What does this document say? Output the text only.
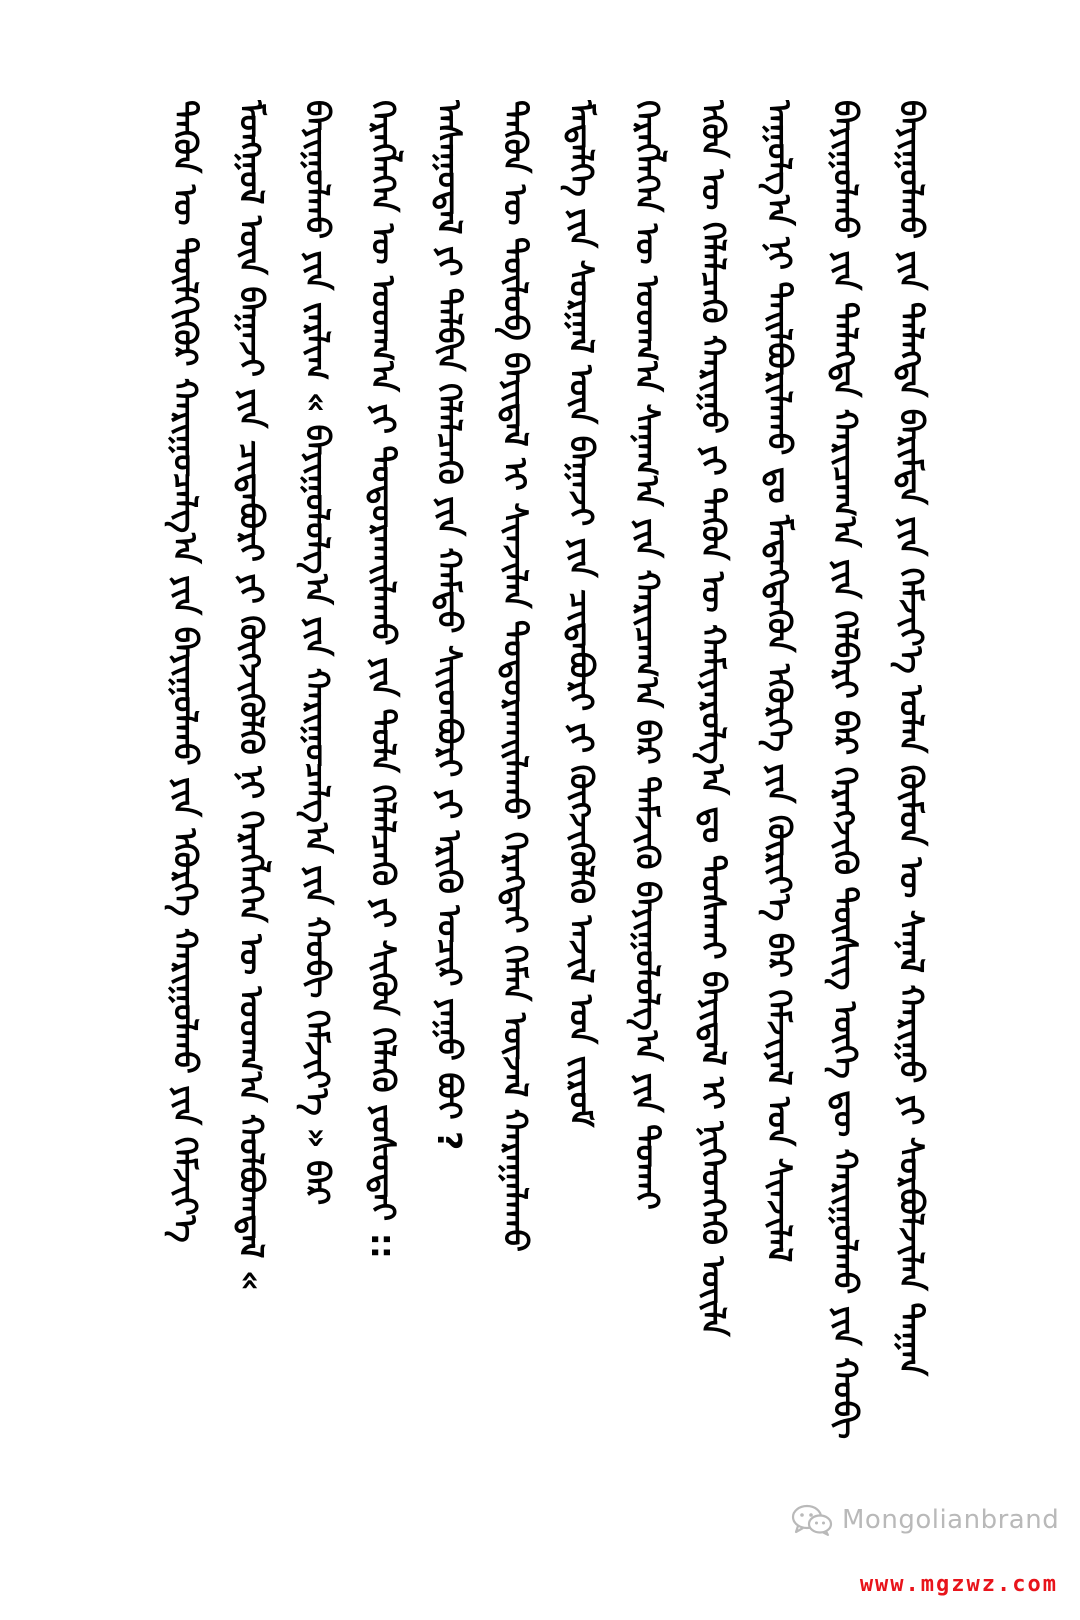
ᠪᠠᠶᠢᠭᠤᠯᠬᠤ ᠶᠢᠨ ᠲᠡᠯᠡᠭᠳᠡ ᠪᠠᠷᠢᠮᠲᠠ ᠶᠢᠨ ᠬᠡᠮᠵᠢᠶ᠎ᠡ ᠤᠯᠠᠨ ᠬᠦᠮᠦᠨ ᠦ ᠰᠠᠨᠠᠯ ᠬᠠᠷᠢᠭᠤ ᠶᠢ ᠰᠤᠷᠪᠤᠯᠵᠢᠯᠠᠨ ᠳᠠᠭᠠᠨ
ᠪᠠᠶᠢᠭᠤᠯᠬᠤ ᠶᠢᠨ ᠲᠡᠯᠡᠭᠳᠡ ᠬᠠᠷᠢᠴᠠᠭ᠎ᠠ ᠶᠢᠨ ᠬᠡᠯᠪᠡᠷᠢ ᠪᠠᠷ ᠬᠡᠷᠡᠭᠵᠢᠬᠦ ᠲᠦᠰᠢᠭ ᠦᠭᠡ ᠳᠦ ᠬᠠᠷᠢᠭᠤᠯᠬᠤ ᠶᠢᠨ ᠬᠤᠪᠢ
ᠠᠭᠤᠯᠭ᠎ᠠ ᠨᠢ ᠲᠠᠢᠯᠪᠤᠷᠢᠯᠠᠬᠤ ᠳᠤ ᠮᠡᠳᠡᠭᠳᠡᠬᠦᠨ ᠡᠭᠦᠷᠭᠡ ᠶᠢᠨ ᠬᠦᠷᠢᠶ᠎ᠡ ᠪᠠᠷ ᠬᠡᠮᠵᠢᠶᠡᠯ ᠤᠨ ᠰᠢᠨᠵᠢᠯᠡᠯ
ᠡᠭᠦᠨ ᠦ ᠬᠡᠯᠡᠯᠴᠡᠬᠦ ᠬᠠᠷᠢᠭᠤ ᠶᠢ ᠲᠡᠭᠦᠨ ᠦ ᠬᠠᠮᠢᠶᠠᠷᠤᠯᠭ᠎ᠠ ᠳᠤ ᠲᠤᠰᠬᠠᠢ ᠪᠠᠶᠢᠳᠠᠯ ᠢ ᠨᠢᠭᠡᠳᠬᠡᠬᠦ ᠦᠢᠯᠡ
ᠬᠡᠷᠡᠭᠯᠡᠭᠡᠨ ᠦ ᠤᠳᠬ᠎ᠠ ᠰᠠᠨᠠᠭ᠎ᠠ ᠶᠢᠨ ᠬᠠᠷᠢᠴᠠᠭ᠎ᠠ ᠪᠡᠷ ᠳᠡᠮᠵᠢᠬᠦ ᠪᠠᠶᠢᠭᠤᠯᠤᠯᠭ᠎ᠠ ᠶᠢᠨ ᠲᠤᠬᠠᠢ
ᠮᠡᠳᠡᠯᠭᠡ ᠶᠢᠨ ᠰᠤᠷᠭᠠᠯ ᠦᠨ ᠪᠠᠭᠠᠵᠢ ᠶᠢᠨ ᠴᠢᠳᠠᠪᠤᠷᠢ ᠶᠢ ᠬᠥᠭᠵᠢᠭᠦᠯᠬᠦ ᠠᠵᠢᠯ ᠤᠨ ᠵᠢᠷᠤᠮ
ᠲᠡᠭᠦᠨ ᠦ ᠲᠥᠯᠦᠪ ᠪᠠᠶᠢᠳᠠᠯ ᠢ ᠰᠢᠨᠵᠢᠯᠡᠨ ᠲᠣᠳᠤᠷᠬᠠᠢᠯᠠᠬᠤ ᠬᠡᠷᠡᠭᠲᠡᠢ ᠬᠡᠮᠡᠨ ᠦᠵᠡᠯ ᠬᠠᠷᠠᠭᠠᠯᠠᠬᠤ
ᠠᠰᠠᠭᠤᠳᠠᠯ ᠶᠢ ᠲᠠᠯᠪᠢᠨ ᠬᠡᠯᠡᠯᠴᠡᠬᠦ ᠶᠢᠨ ᠬᠠᠮᠲᠤ ᠰᠢᠢᠳᠪᠦᠷᠢ ᠶᠢ ᠡᠷᠢᠬᠦ ᠤᠴᠢᠷ ᠶᠠᠭᠤ ᠪᠤᠢ ?
ᠬᠡᠷᠡᠭᠯᠡᠭᠡᠨ ᠦ ᠤᠳᠬ᠎ᠠ ᠶᠢ ᠲᠣᠳᠤᠷᠬᠠᠢᠯᠠᠬᠤ ᠶᠢᠨ ᠲᠤᠯᠠ ᠬᠡᠯᠡᠯᠴᠡᠬᠦ ᠶᠢ ᠰᠢᠭᠦᠨ ᠬᠡᠯᠡᠬᠦ ᠶᠤᠰᠤᠲᠠᠢ ::
ᠪᠠᠶᠢᠭᠤᠯᠬᠤ ᠶᠢᠨ ᠵᠠᠷᠯᠢᠭ « ᠪᠠᠶᠢᠭᠤᠯᠤᠯᠭ᠎ᠠ ᠶᠢᠨ ᠬᠠᠷᠢᠭᠤᠴᠠᠯᠭ᠎ᠠ ᠶᠢᠨ ᠬᠤᠪᠢ ᠬᠡᠮᠵᠢᠶ᠎ᠡ » ᠪᠠᠷ
ᠮᠣᠩᠭᠣᠯ ᠦᠨ ᠪᠠᠭᠠᠵᠢ ᠶᠢᠨ ᠴᠢᠳᠠᠪᠤᠷᠢ ᠶᠢ ᠬᠥᠭᠵᠢᠭᠦᠯᠬᠦ ᠨᠢ ᠬᠡᠷᠡᠭᠯᠡᠭᠡᠨ ᠦ ᠤᠳᠬ᠎ᠠ ᠬᠣᠯᠪᠣᠭᠳᠠᠯ «
ᠲᠡᠭᠦᠨ ᠦ ᠲᠦᠯᠬᠢᠭᠦᠷ ᠬᠠᠷᠢᠭᠤᠴᠠᠯᠭ᠎ᠠ ᠶᠢᠨ ᠪᠠᠶᠢᠭᠤᠯᠬᠤ ᠶᠢᠨ ᠡᠭᠦᠷᠭᠡ ᠬᠠᠷᠢᠭᠤᠯᠬᠤ ᠶᠢᠨ ᠬᠡᠮᠵᠢᠶ᠎ᠡ
Mongolianbrand
www.mgzwz.com
